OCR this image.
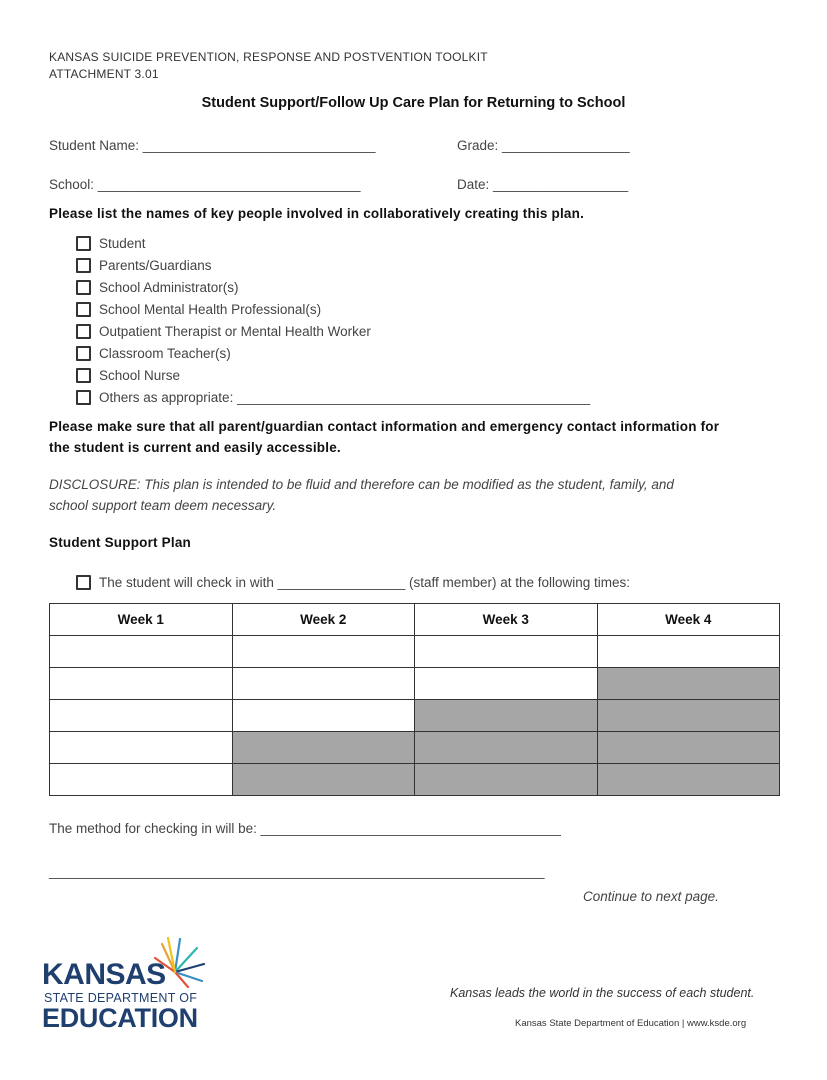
KANSAS SUICIDE PREVENTION, RESPONSE AND POSTVENTION TOOLKIT
ATTACHMENT 3.01
Student Support/Follow Up Care Plan for Returning to School
Student Name: _______________________________	Grade: _________________
School: ___________________________________	Date: __________________
Please list the names of key people involved in collaboratively creating this plan.
Student
Parents/Guardians
School Administrator(s)
School Mental Health Professional(s)
Outpatient Therapist or Mental Health Worker
Classroom Teacher(s)
School Nurse
Others as appropriate: _______________________________________________
Please make sure that all parent/guardian contact information and emergency contact information for
the student is current and easily accessible.
DISCLOSURE: This plan is intended to be fluid and therefore can be modified as the student, family, and
school support team deem necessary.
Student Support Plan
The student will check in with _________________ (staff member) at the following times:
Week 1	Week 2	Week 3	Week 4

The method for checking in will be: ________________________________________
__________________________________________________________________
Continue to next page.
KANSAS
STATE DEPARTMENT OF
EDUCATION
Kansas leads the world in the success of each student.
Kansas State Department of Education | www.ksde.org
